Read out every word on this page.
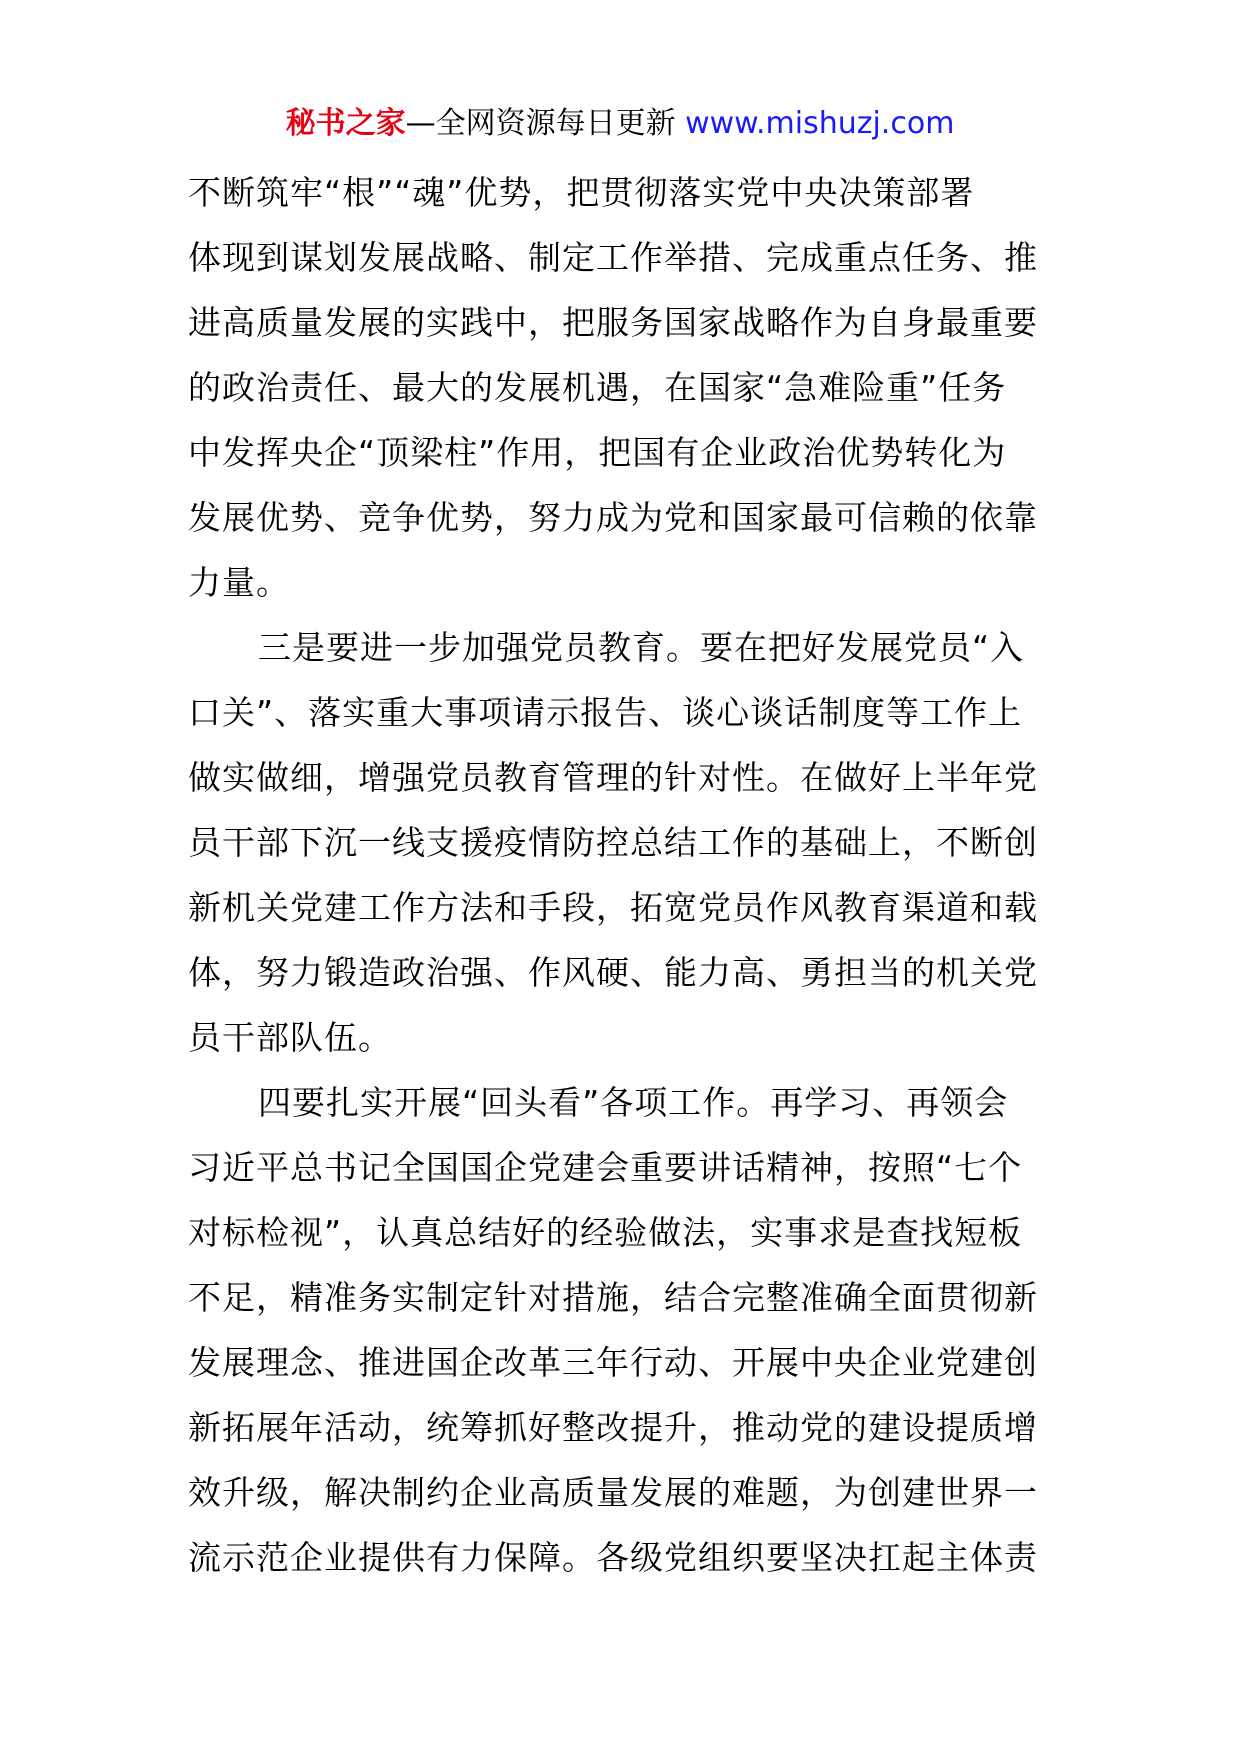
秘书之家—全网资源每日更新 www.mishuzj.com

不断筑牢“根”“魂”优势，把贯彻落实党中央决策部署
体现到谋划发展战略、制定工作举措、完成重点任务、推
进高质量发展的实践中，把服务国家战略作为自身最重要
的政治责任、最大的发展机遇，在国家“急难险重”任务
中发挥央企“顶梁柱”作用，把国有企业政治优势转化为
发展优势、竞争优势，努力成为党和国家最可信赖的依靠
力量。

三是要进一步加强党员教育。要在把好发展党员“入
口关”、落实重大事项请示报告、谈心谈话制度等工作上
做实做细，增强党员教育管理的针对性。在做好上半年党
员干部下沉一线支援疫情防控总结工作的基础上，不断创
新机关党建工作方法和手段，拓宽党员作风教育渠道和载
体，努力锻造政治强、作风硬、能力高、勇担当的机关党
员干部队伍。

四要扎实开展“回头看”各项工作。再学习、再领会
习近平总书记全国国企党建会重要讲话精神，按照“七个
对标检视”，认真总结好的经验做法，实事求是查找短板
不足，精准务实制定针对措施，结合完整准确全面贯彻新
发展理念、推进国企改革三年行动、开展中央企业党建创
新拓展年活动，统筹抓好整改提升，推动党的建设提质增
效升级，解决制约企业高质量发展的难题，为创建世界一
流示范企业提供有力保障。各级党组织要坚决扛起主体责
